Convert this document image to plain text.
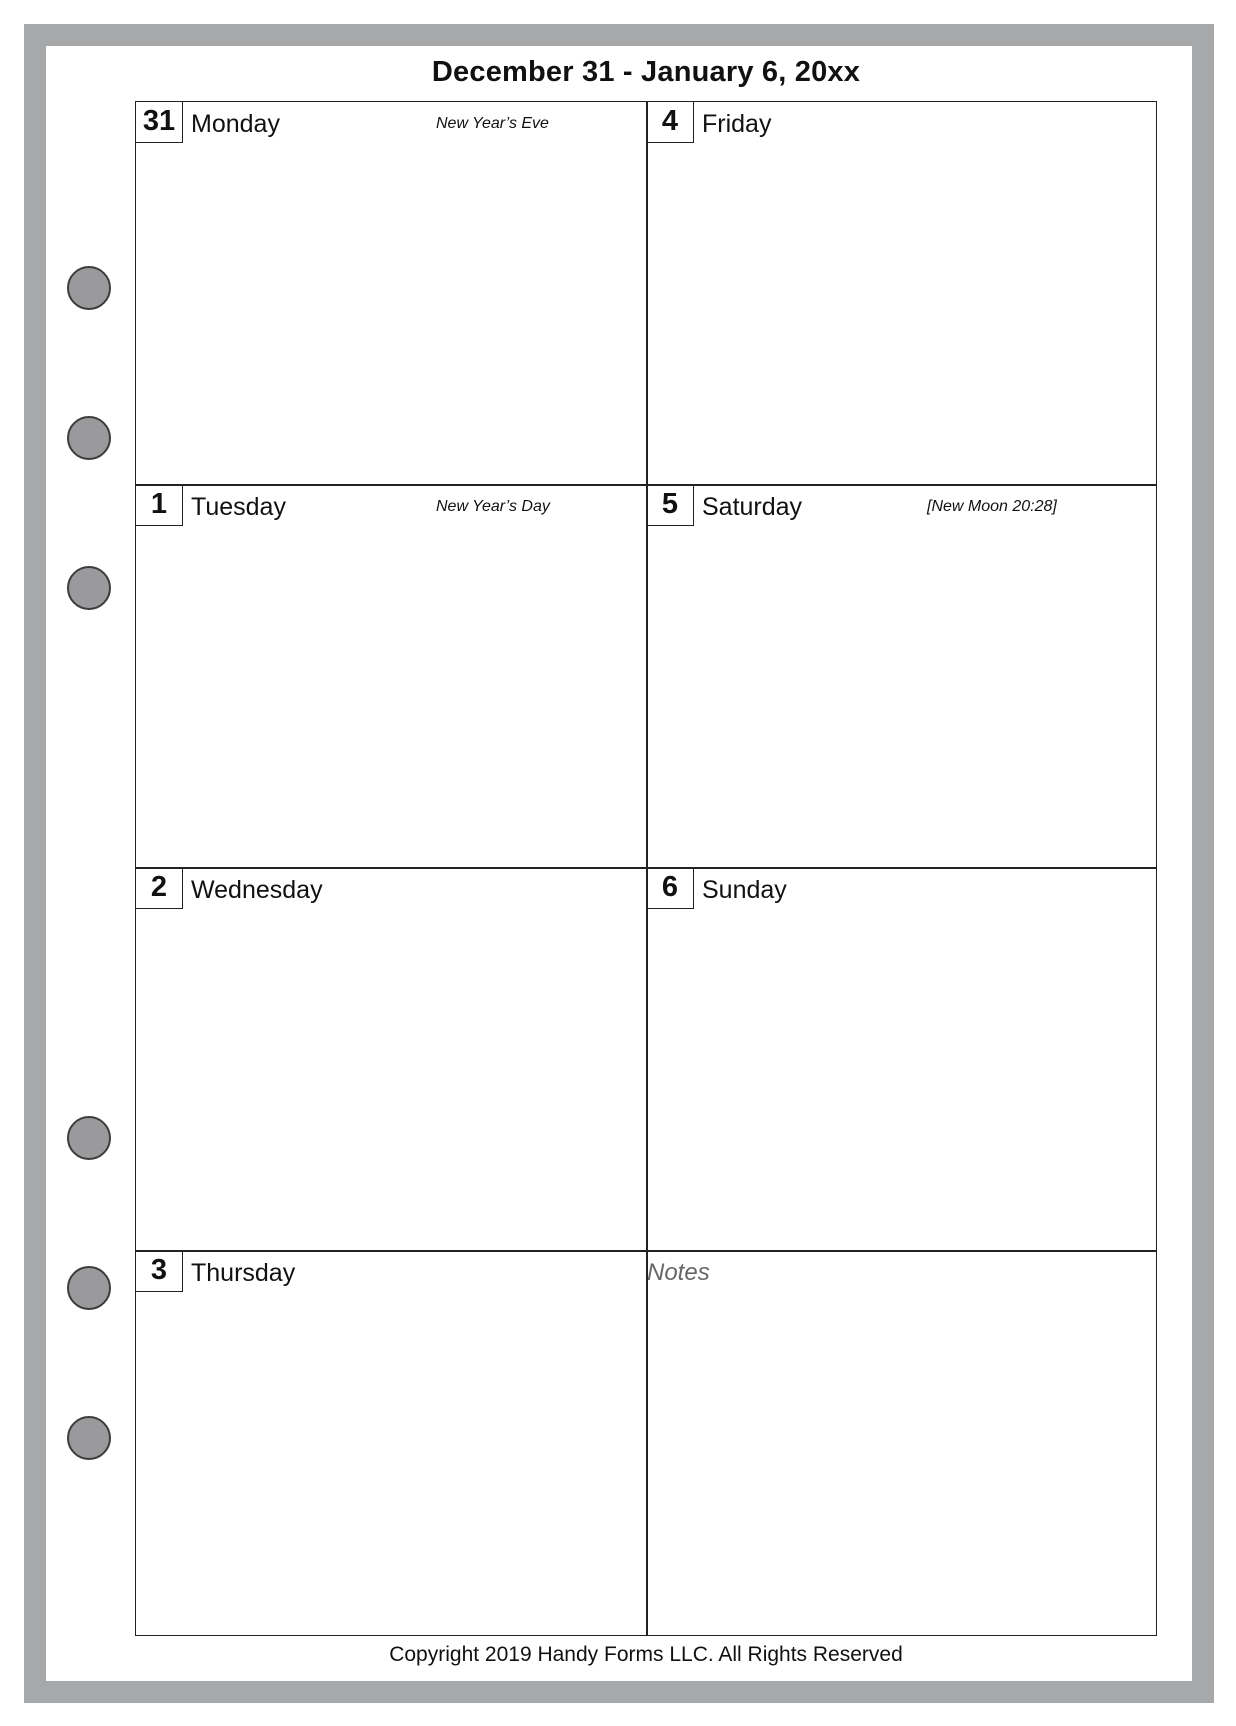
December 31 - January 6, 20xx
31 Monday	New Year’s Eve
1 Tuesday	New Year’s Day
2 Wednesday
3 Thursday
4 Friday
5 Saturday	[New Moon 20:28]
6 Sunday
Notes
Copyright 2019 Handy Forms LLC. All Rights Reserved
